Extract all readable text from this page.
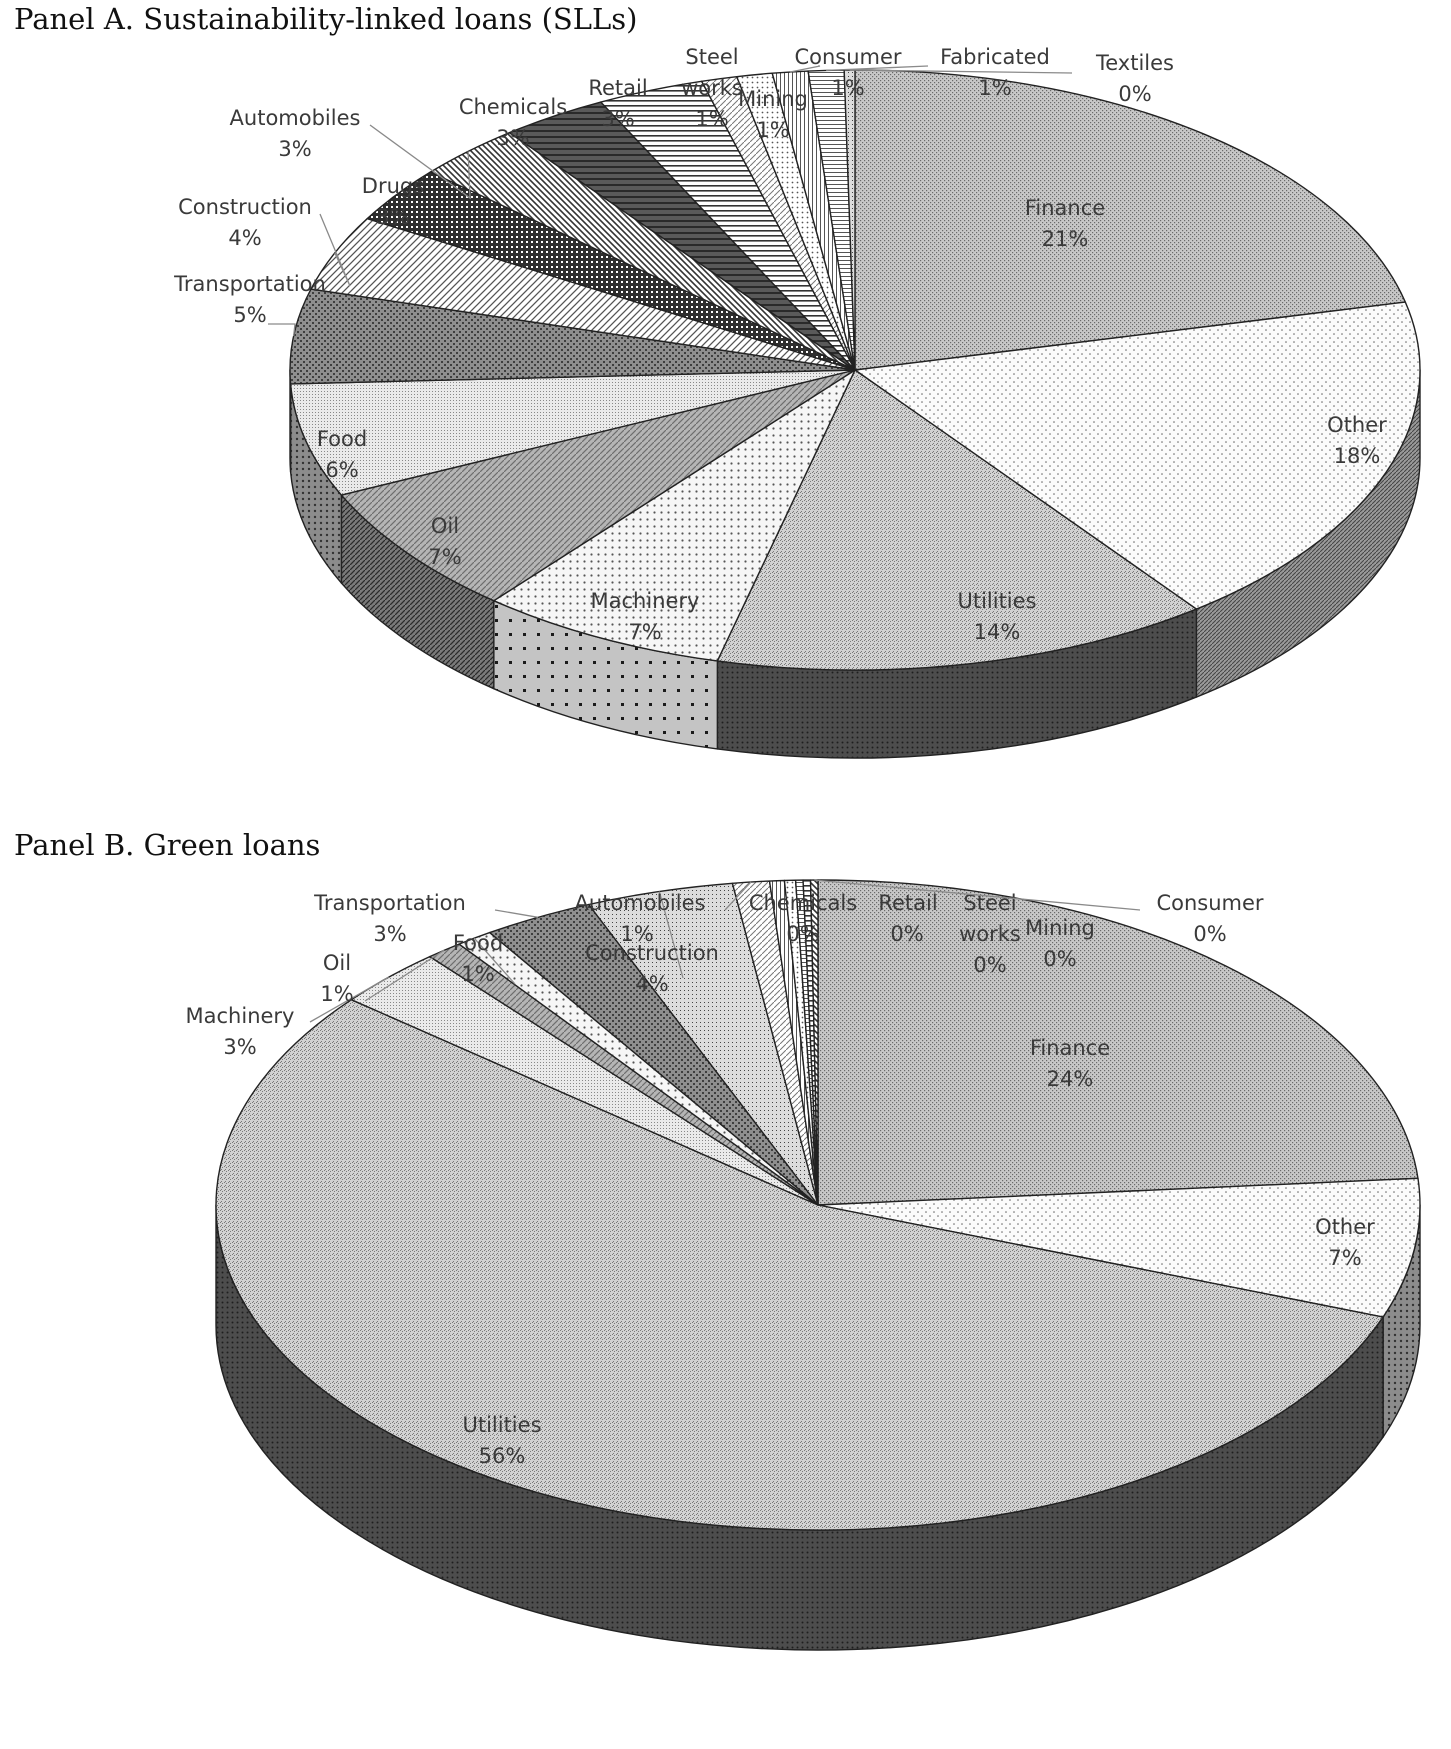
Panel A. Sustainability-linked loans (SLLs)
Finance
21%
Other
18%
Utilities
14%
Machinery
7%
Oil
7%
Food
6%
Transportation
5%
Construction
4%
Drugs
3%
Automobiles
3%
Chemicals
3%
Retail
3%
Steel
works
1%
Mining
1%
Consumer
1%
Fabricated
1%
Textiles
0%
Panel B. Green loans
Finance
24%
Other
7%
Utilities
56%
Machinery
3%
Oil
1%
Food
1%
Transportation
3%
Construction
4%
Automobiles
1%
Chemicals
0%
Retail
0%
Steel
works
0%
Mining
0%
Consumer
0%
